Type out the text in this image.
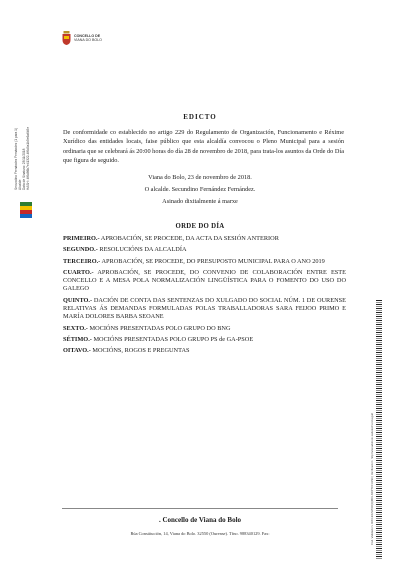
CONCELLO DE
VIANA DO BOLO
Secundino Fernández Fernández (1 para 1) Alcalde Data de Sinatura: 23/11/2018 HASH: 4f6d86b7e41322-4f6d9a1b5e6a6b5e
EDICTO
De conformidade co establecido no artigo 229 do Regulamento de Organización, Funcionamento e Réxime Xurídico das entidades locais, faise público que esta alcaldía convocou o Pleno Municipal para a sesión ordinaria que se celebrará ás 20:00 horas do día 28 de novembro de 2018, para trata-los asuntos da Orde do Día que figura de seguido.
Viana do Bolo, 23 de novembro de 2018.
O alcalde. Secundino Fernández Fernández.
Asinado dixitalmente á marxe
ORDE DO DÍA
PRIMEIRO.- APROBACIÓN, SE PROCEDE, DA ACTA DA SESIÓN ANTERIOR
SEGUNDO.- RESOLUCIÓNS DA ALCALDÍA
TERCEIRO.- APROBACIÓN, SE PROCEDE, DO PRESUPOSTO MUNICIPAL PARA O ANO 2019
CUARTO.- APROBACIÓN, SE PROCEDE, DO CONVENIO DE COLABORACIÓN ENTRE ESTE CONCELLO E A MESA POLA NORMALIZACIÓN LINGÜÍSTICA PARA O FOMENTO DO USO DO GALEGO
QUINTO.- DACIÓN DE CONTA DAS SENTENZAS DO XULGADO DO SOCIAL NÚM. 1 DE OURENSE RELATIVAS ÁS DEMANDAS FORMULADAS POLAS TRABALLADORAS SARA FEIJOO PRIMO E MARÍA DOLORES BARBA SEOANE
SEXTO.- MOCIÓNS PRESENTADAS POLO GRUPO DO BNG
SÉTIMO.- MOCIÓNS PRESENTADAS POLO GRUPO PS de GA-PSOE
OITAVO.- MOCIÓNS, ROGOS E PREGUNTAS
Cód. Validación: 4RFL9X2WCRQQMCLNDP7CFUZ96 | Verificación: http://vianadobolo.sedelectronica.gal/
. Concello de Viana do Bolo
Rúa Constitución, 14, Viana do Bolo. 32550 (Ourense). Tfno. 988340129. Fax:
